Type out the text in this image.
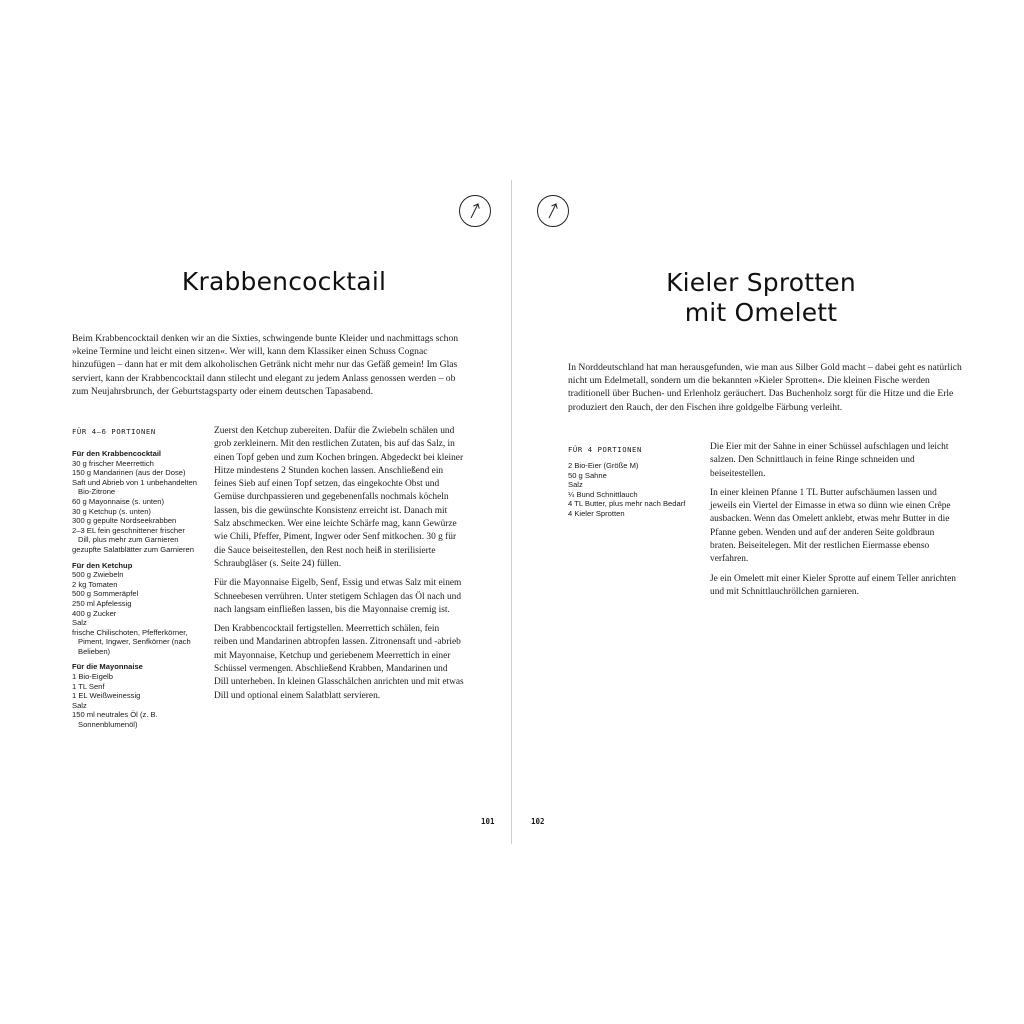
Krabbencocktail

Beim Krabbencocktail denken wir an die Sixties, schwingende bunte Kleider und nachmittags schon »keine Termine und leicht einen sitzen«. Wer will, kann dem Klassiker einen Schuss Cognac hinzufügen – dann hat er mit dem alkoholischen Getränk nicht mehr nur das Gefäß gemein! Im Glas serviert, kann der Krabbencocktail dann stilecht und elegant zu jedem Anlass genossen werden – ob zum Neujahrsbrunch, der Geburtstagsparty oder einem deutschen Tapasabend.

FÜR 4–6 PORTIONEN
Für den Krabbencocktail
30 g frischer Meerrettich
150 g Mandarinen (aus der Dose)
Saft und Abrieb von 1 unbehandelten Bio-Zitrone
60 g Mayonnaise (s. unten)
30 g Ketchup (s. unten)
300 g gepulte Nordseekrabben
2–3 EL fein geschnittener frischer Dill, plus mehr zum Garnieren
gezupfte Salatblätter zum Garnieren
Für den Ketchup
500 g Zwiebeln
2 kg Tomaten
500 g Sommeräpfel
250 ml Apfelessig
400 g Zucker
Salz
frische Chilischoten, Pfefferkörner, Piment, Ingwer, Senfkörner (nach Belieben)
Für die Mayonnaise
1 Bio-Eigelb
1 TL Senf
1 EL Weißweinessig
Salz
150 ml neutrales Öl (z. B. Sonnenblumenöl)

Zuerst den Ketchup zubereiten. Dafür die Zwiebeln schälen und grob zerkleinern. Mit den restlichen Zutaten, bis auf das Salz, in einen Topf geben und zum Kochen bringen. Abgedeckt bei kleiner Hitze mindestens 2 Stunden kochen lassen. Anschließend ein feines Sieb auf einen Topf setzen, das eingekochte Obst und Gemüse durchpassieren und gegebenenfalls nochmals köcheln lassen, bis die gewünschte Konsistenz erreicht ist. Danach mit Salz abschmecken. Wer eine leichte Schärfe mag, kann Gewürze wie Chili, Pfeffer, Piment, Ingwer oder Senf mitkochen. 30 g für die Sauce beiseitestellen, den Rest noch heiß in sterilisierte Schraubgläser (s. Seite 24) füllen.

Für die Mayonnaise Eigelb, Senf, Essig und etwas Salz mit einem Schneebesen verrühren. Unter stetigem Schlagen das Öl nach und nach langsam einfließen lassen, bis die Mayonnaise cremig ist.

Den Krabbencocktail fertigstellen. Meerrettich schälen, fein reiben und Mandarinen abtropfen lassen. Zitronensaft und -abrieb mit Mayonnaise, Ketchup und geriebenem Meerrettich in einer Schüssel vermengen. Abschließend Krabben, Mandarinen und Dill unterheben. In kleinen Glasschälchen anrichten und mit etwas Dill und optional einem Salatblatt servieren.

101
Kieler Sprotten
mit Omelett

In Norddeutschland hat man herausgefunden, wie man aus Silber Gold macht – dabei geht es natürlich nicht um Edelmetall, sondern um die bekannten »Kieler Sprotten«. Die kleinen Fische werden traditionell über Buchen- und Erlenholz geräuchert. Das Buchenholz sorgt für die Hitze und die Erle produziert den Rauch, der den Fischen ihre goldgelbe Färbung verleiht.

FÜR 4 PORTIONEN
2 Bio-Eier (Größe M)
50 g Sahne
Salz
¼ Bund Schnittlauch
4 TL Butter, plus mehr nach Bedarf
4 Kieler Sprotten

Die Eier mit der Sahne in einer Schüssel aufschlagen und leicht salzen. Den Schnittlauch in feine Ringe schneiden und beiseitestellen.

In einer kleinen Pfanne 1 TL Butter aufschäumen lassen und jeweils ein Viertel der Eimasse in etwa so dünn wie einen Crêpe ausbacken. Wenn das Omelett anklebt, etwas mehr Butter in die Pfanne geben. Wenden und auf der anderen Seite goldbraun braten. Beiseitelegen. Mit der restlichen Eiermasse ebenso verfahren.

Je ein Omelett mit einer Kieler Sprotte auf einem Teller anrichten und mit Schnittlauchröllchen garnieren.

102
